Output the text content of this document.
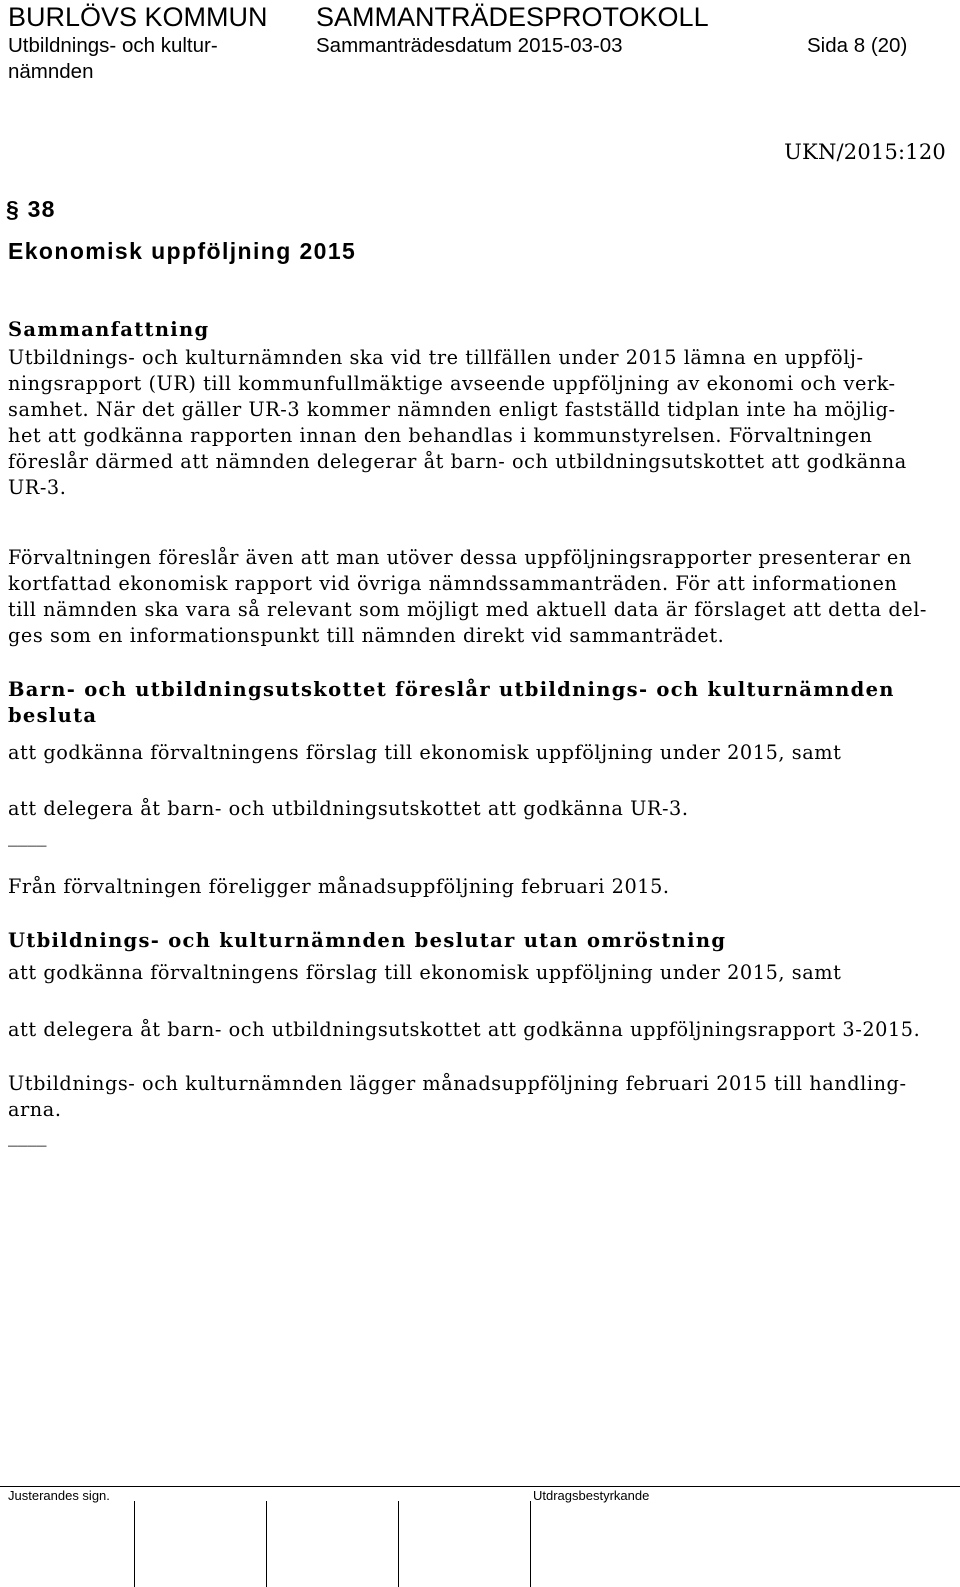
BURLÖVS KOMMUN SAMMANTRÄDESPROTOKOLL
Utbildnings- och kultur-
nämnden
Sammanträdesdatum 2015-03-03	Sida 8 (20)
UKN/2015:120
§ 38
Ekonomisk uppföljning 2015
Sammanfattning
Utbildnings- och kulturnämnden ska vid tre tillfällen under 2015 lämna en uppfölj-
ningsrapport (UR) till kommunfullmäktige avseende uppföljning av ekonomi och verk-
samhet. När det gäller UR-3 kommer nämnden enligt fastställd tidplan inte ha möjlig-
het att godkänna rapporten innan den behandlas i kommunstyrelsen. Förvaltningen
föreslår därmed att nämnden delegerar åt barn- och utbildningsutskottet att godkänna
UR-3.
Förvaltningen föreslår även att man utöver dessa uppföljningsrapporter presenterar en
kortfattad ekonomisk rapport vid övriga nämndssammanträden. För att informationen
till nämnden ska vara så relevant som möjligt med aktuell data är förslaget att detta del-
ges som en informationspunkt till nämnden direkt vid sammanträdet.
Barn- och utbildningsutskottet föreslår utbildnings- och kulturnämnden
besluta
att godkänna förvaltningens förslag till ekonomisk uppföljning under 2015, samt
att delegera åt barn- och utbildningsutskottet att godkänna UR-3.
____
Från förvaltningen föreligger månadsuppföljning februari 2015.
Utbildnings- och kulturnämnden beslutar utan omröstning
att godkänna förvaltningens förslag till ekonomisk uppföljning under 2015, samt
att delegera åt barn- och utbildningsutskottet att godkänna uppföljningsrapport 3-2015.
Utbildnings- och kulturnämnden lägger månadsuppföljning februari 2015 till handling-
arna.
____
Justerandes sign.	Utdragsbestyrkande
